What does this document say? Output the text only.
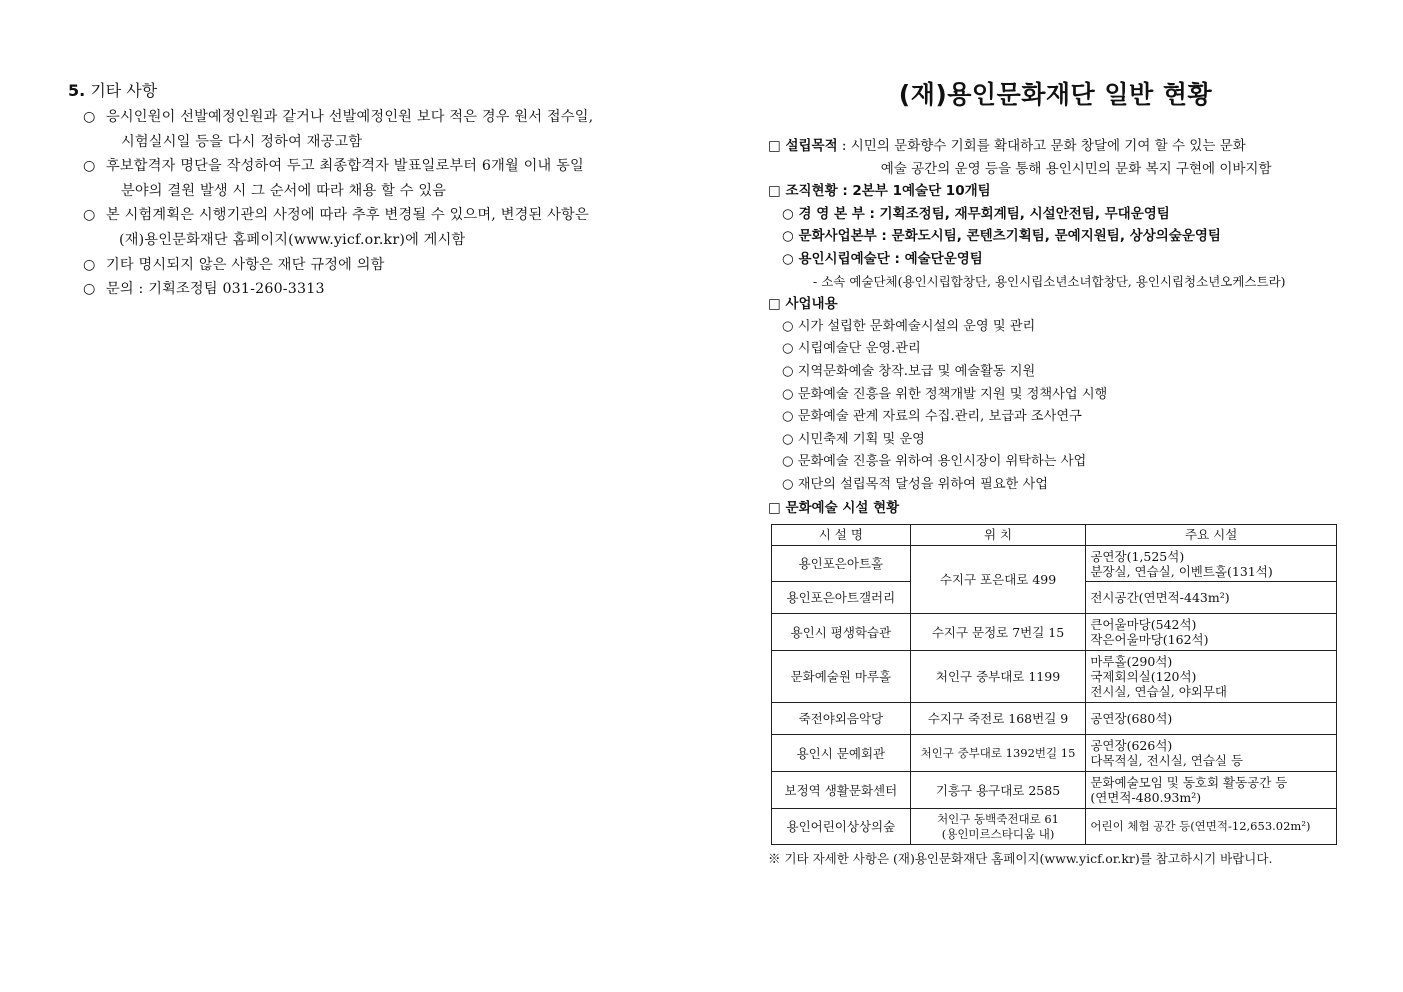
5. 기타 사항
○ 응시인원이 선발예정인원과 같거나 선발예정인원 보다 적은 경우 원서 접수일,
시험실시일 등을 다시 정하여 재공고함
○ 후보합격자 명단을 작성하여 두고 최종합격자 발표일로부터 6개월 이내 동일
분야의 결원 발생 시 그 순서에 따라 채용 할 수 있음
○ 본 시험계획은 시행기관의 사정에 따라 추후 변경될 수 있으며, 변경된 사항은
(재)용인문화재단 홈페이지(www.yicf.or.kr)에 게시함
○ 기타 명시되지 않은 사항은 재단 규정에 의함
○ 문의 : 기획조정팀 031-260-3313
(재)용인문화재단 일반 현황
□ 설립목적 : 시민의 문화향수 기회를 확대하고 문화 창달에 기여 할 수 있는 문화
예술 공간의 운영 등을 통해 용인시민의 문화 복지 구현에 이바지함
□ 조직현황 : 2본부 1예술단 10개팀
○ 경 영 본 부 : 기획조정팀, 재무회계팀, 시설안전팀, 무대운영팀
○ 문화사업본부 : 문화도시팀, 콘텐츠기획팀, 문예지원팀, 상상의숲운영팀
○ 용인시립예술단 : 예술단운영팀
- 소속 예술단체(용인시립합창단, 용인시립소년소녀합창단, 용인시립청소년오케스트라)
□ 사업내용
○ 시가 설립한 문화예술시설의 운영 및 관리
○ 시립예술단 운영.관리
○ 지역문화예술 창작.보급 및 예술활동 지원
○ 문화예술 진흥을 위한 정책개발 지원 및 정책사업 시행
○ 문화예술 관계 자료의 수집.관리, 보급과 조사연구
○ 시민축제 기획 및 운영
○ 문화예술 진흥을 위하여 용인시장이 위탁하는 사업
○ 재단의 설립목적 달성을 위하여 필요한 사업
□ 문화예술 시설 현황
시 설 명	위 치	주요 시설
용인포은아트홀	수지구 포은대로 499	공연장(1,525석)
분장실, 연습실, 이벤트홀(131석)

용인포은아트갤러리		전시공간(연면적-443m²)
용인시 평생학습관	수지구 문정로 7번길 15	큰어울마당(542석)
작은어울마당(162석)

문화예술원 마루홀	처인구 중부대로 1199	마루홀(290석)
국제회의실(120석)
전시실, 연습실, 야외무대

죽전야외음악당	수지구 죽전로 168번길 9	공연장(680석)
용인시 문예회관	처인구 중부대로 1392번길 15	공연장(626석)
다목적실, 전시실, 연습실 등

보정역 생활문화센터	기흥구 용구대로 2585	문화예술모임 및 동호회 활동공간 등
(연면적-480.93m²)

용인어린이상상의숲	처인구 동백죽전대로 61
(용인미르스타디움 내)	어린이 체험 공간 등(연면적-12,653.02m²)
※ 기타 자세한 사항은 (재)용인문화재단 홈페이지(www.yicf.or.kr)를 참고하시기 바랍니다.
